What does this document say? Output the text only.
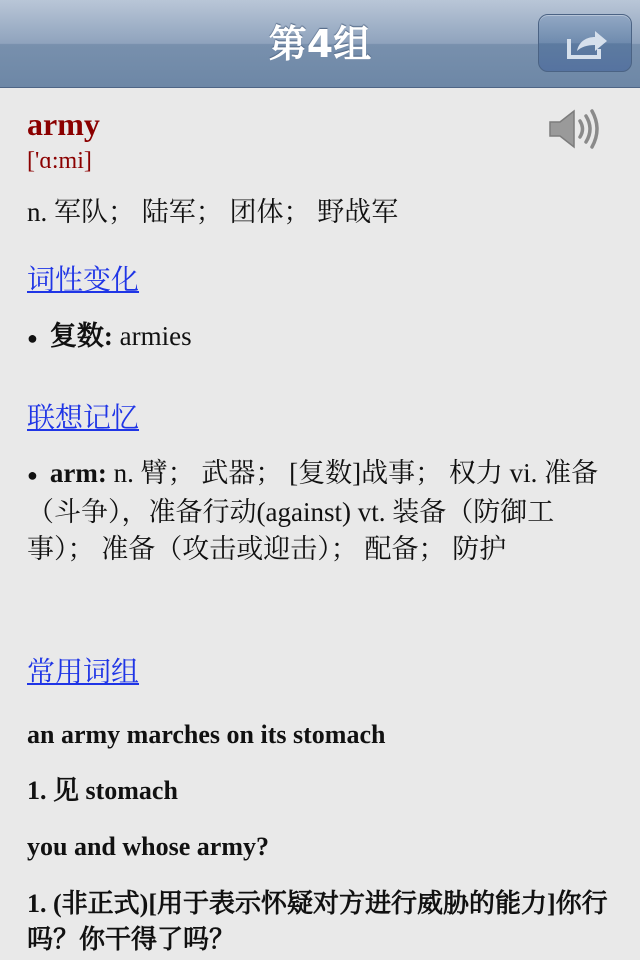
第4组
army
['ɑ:mi]
n. 军队； 陆军； 团体； 野战军
词性变化
● 复数: armies
联想记忆
● arm: n. 臂； 武器； [复数]战事； 权力 vi. 准备（斗争），准备行动(against) vt. 装备（防御工事）； 准备（攻击或迎击）； 配备； 防护
常用词组
an army marches on its stomach
1. 见 stomach
you and whose army?
1. (非正式)[用于表示怀疑对方进行威胁的能力]你行吗？你干得了吗？
